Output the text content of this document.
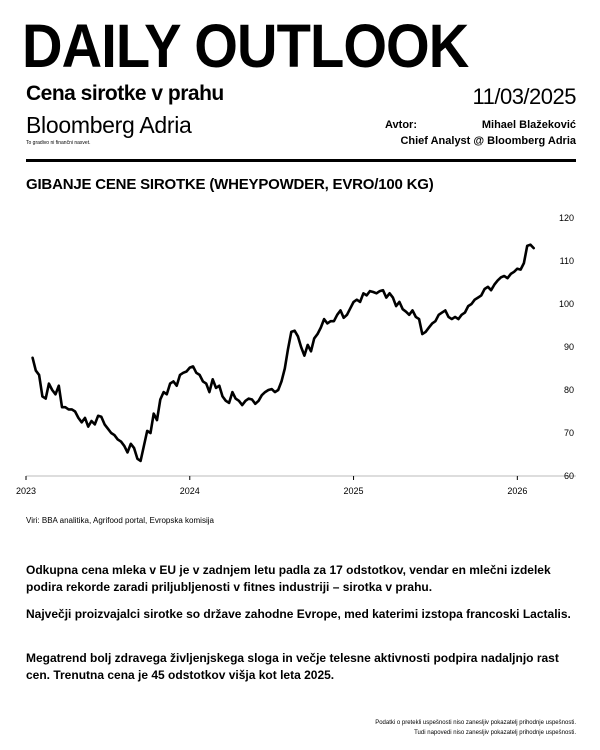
DAILY OUTLOOK
Cena sirotke v prahu	11/03/2025
Bloomberg Adria
To gradivo ni finančni nasvet.
Avtor:	Mihael Blažeković
Chief Analyst @ Bloomberg Adria
GIBANJE CENE SIROTKE (WHEYPOWDER, EVRO/100 KG)
2023	2024	2025	2026
60
70
80
90
100
110
120
Viri: BBA analitika, Agrifood portal, Evropska komisija
Odkupna cena mleka v EU je v zadnjem letu padla za 17 odstotkov, vendar en mlečni izdelek podira rekorde zaradi priljubljenosti v fitnes industriji – sirotka v prahu.
Največji proizvajalci sirotke so države zahodne Evrope, med katerimi izstopa francoski Lactalis.
Megatrend bolj zdravega življenjskega sloga in večje telesne aktivnosti podpira nadaljnjo rast cen. Trenutna cena je 45 odstotkov višja kot leta 2025.
Podatki o pretekli uspešnosti niso zanesljiv pokazatelj prihodnje uspešnosti.
Tudi napovedi niso zanesljiv pokazatelj prihodnje uspešnosti.
